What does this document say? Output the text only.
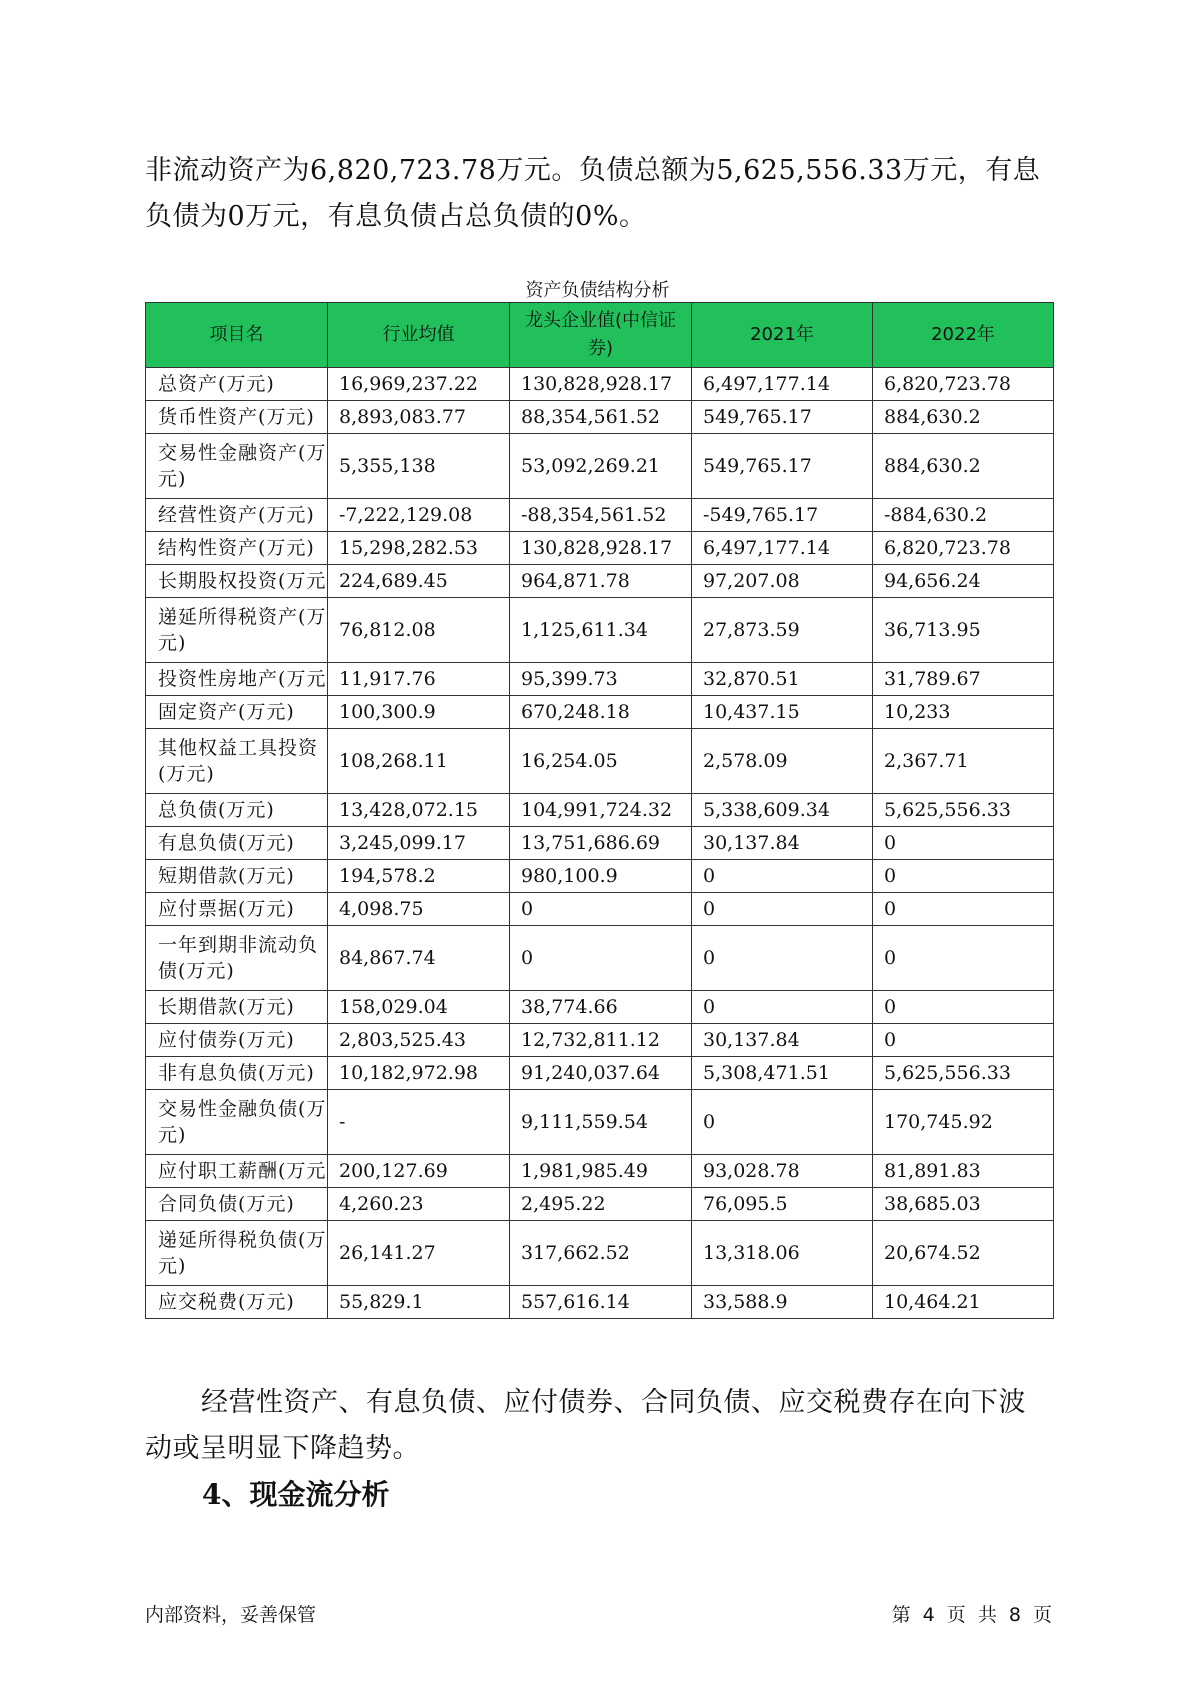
非流动资产为6,820,723.78万元。负债总额为5,625,556.33万元，有息负债为0万元，有息负债占总负债的0%。
资产负债结构分析
项目名	行业均值	龙头企业值(中信证券)	2021年	2022年
总资产(万元)	16,969,237.22	130,828,928.17	6,497,177.14	6,820,723.78
货币性资产(万元)	8,893,083.77	88,354,561.52	549,765.17	884,630.2
交易性金融资产(万元)	5,355,138	53,092,269.21	549,765.17	884,630.2
经营性资产(万元)	-7,222,129.08	-88,354,561.52	-549,765.17	-884,630.2
结构性资产(万元)	15,298,282.53	130,828,928.17	6,497,177.14	6,820,723.78
长期股权投资(万元	224,689.45	964,871.78	97,207.08	94,656.24
递延所得税资产(万元)	76,812.08	1,125,611.34	27,873.59	36,713.95
投资性房地产(万元	11,917.76	95,399.73	32,870.51	31,789.67
固定资产(万元)	100,300.9	670,248.18	10,437.15	10,233
其他权益工具投资(万元)	108,268.11	16,254.05	2,578.09	2,367.71
总负债(万元)	13,428,072.15	104,991,724.32	5,338,609.34	5,625,556.33
有息负债(万元)	3,245,099.17	13,751,686.69	30,137.84	0
短期借款(万元)	194,578.2	980,100.9	0	0
应付票据(万元)	4,098.75	0	0	0
一年到期非流动负债(万元)	84,867.74	0	0	0
长期借款(万元)	158,029.04	38,774.66	0	0
应付债券(万元)	2,803,525.43	12,732,811.12	30,137.84	0
非有息负债(万元)	10,182,972.98	91,240,037.64	5,308,471.51	5,625,556.33
交易性金融负债(万元)	-	9,111,559.54	0	170,745.92
应付职工薪酬(万元	200,127.69	1,981,985.49	93,028.78	81,891.83
合同负债(万元)	4,260.23	2,495.22	76,095.5	38,685.03
递延所得税负债(万元)	26,141.27	317,662.52	13,318.06	20,674.52
应交税费(万元)	55,829.1	557,616.14	33,588.9	10,464.21
经营性资产、有息负债、应付债券、合同负债、应交税费存在向下波动或呈明显下降趋势。
4、现金流分析
内部资料，妥善保管	第 4 页 共 8 页
